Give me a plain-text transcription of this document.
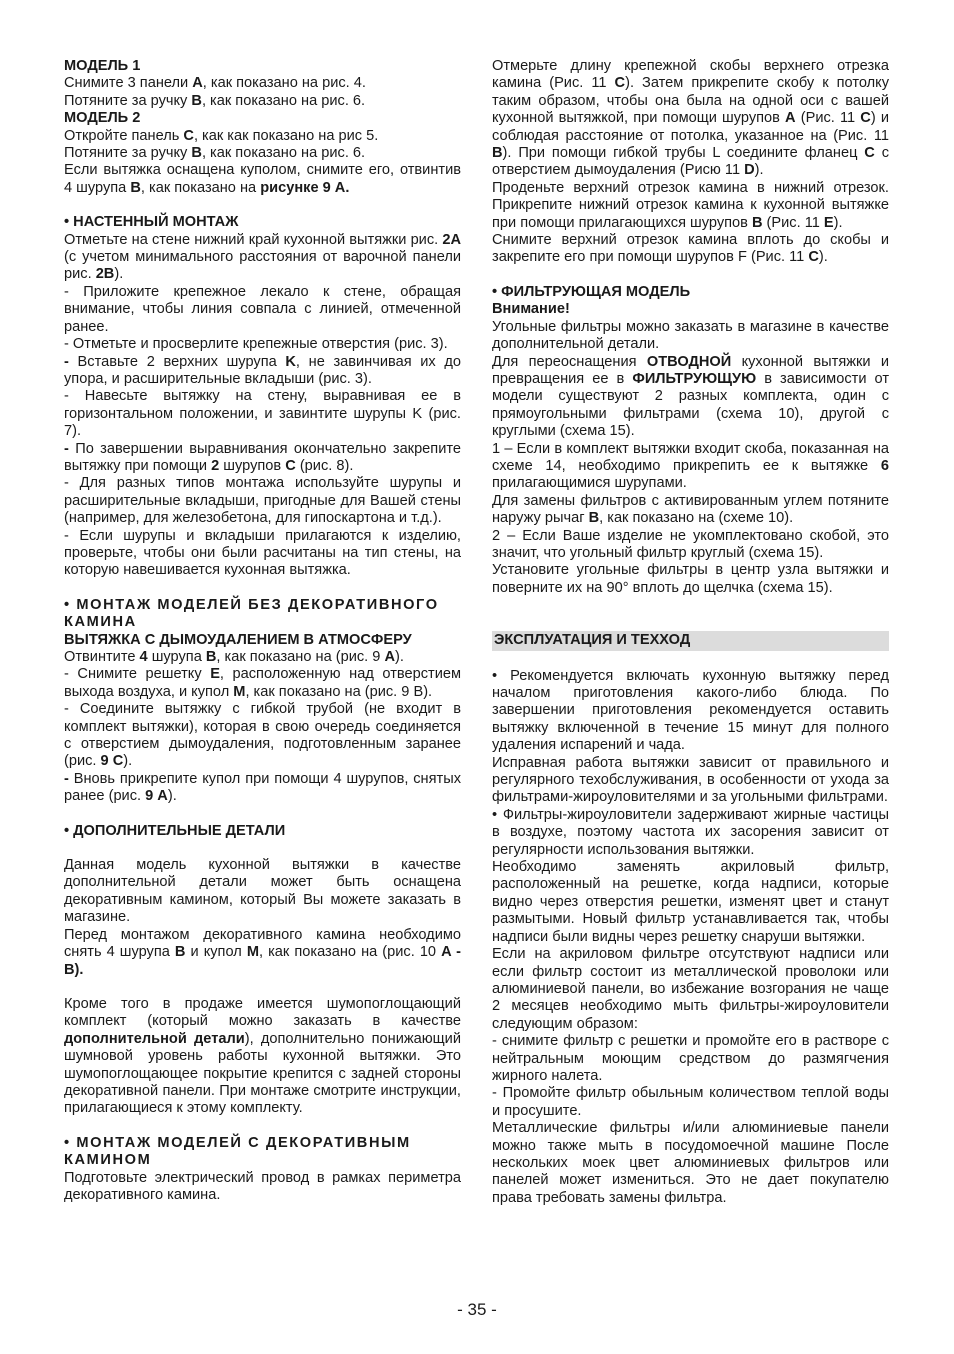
МОДЕЛЬ 1

Снимите 3 панели A, как показано на рис. 4.

Потяните за ручку B, как показано на рис. 6.

МОДЕЛЬ 2

Откройте панель C, как как показано на рис 5.

Потяните за ручку B, как показано на рис. 6.

Если вытяжка оснащена куполом, снимите его, отвинтив 4 шурупа B, как показано на рисунке 9 A.

• НАСТЕННЫЙ МОНТАЖ

Отметьте на стене нижний край кухонной вытяжки рис. 2A (с учетом минимального расстояния от варочной панели рис. 2B).

- Приложите крепежное лекало к стене, обращая внимание, чтобы линия совпала с линией, отмеченной ранее.

- Отметьте и просверлите крепежные отверстия (рис. 3).

- Вставьте 2 верхних шурупа K, не завинчивая их до упора, и расширительные вкладыши (рис. 3).

- Навесьте вытяжку на стену, выравнивая ее в горизонтальном положении, и завинтите шурупы K (рис. 7).

- По завершении выравнивания окончательно закрепите вытяжку при помощи 2 шурупов C (рис. 8).

- Для разных типов монтажа используйте шурупы и расширительные вкладыши, пригодные для Вашей стены (например, для железобетона, для гипоскартона и т.д.).

- Если шурупы и вкладыши прилагаются к изделию, проверьте, чтобы они были расчитаны на тип стены, на которую навешивается кухонная вытяжка.

• МОНТАЖ МОДЕЛЕЙ БЕЗ ДЕКОРАТИВНОГО КАМИНА

ВЫТЯЖКА С ДЫМОУДАЛЕНИЕМ В АТМОСФЕРУ

Отвинтите 4 шурупа B, как показано на (рис. 9 A).

- Снимите решетку E, расположенную над отверстием выхода воздуха, и купол M, как показано на (рис. 9 B).

- Соедините вытяжку с гибкой трубой (не входит в комплект вытяжки), которая в свою очередь соединяется с отверстием дымоудаления, подготовленным заранее (рис. 9 C).

- Вновь прикрепите купол при помощи 4 шурупов, снятых ранее (рис. 9 A).

• ДОПОЛНИТЕЛЬНЫЕ ДЕТАЛИ

Данная модель кухонной вытяжки в качестве дополнительной детали может быть оснащена декоративным камином, который Вы можете заказать в магазине.

Перед монтажом декоративного камина необходимо снять 4 шурупа B и купол M, как показано на (рис. 10 A - B).

Кроме того в продаже имеется шумопоглощающий комплект (который можно заказать в качестве дополнительной детали), дополнительно понижающий шумновой уровень работы кухонной вытяжки. Это шумопоглощающее покрытие крепится с задней стороны декоративной панели. При монтаже смотрите инструкции, прилагающиеся к этому комплекту.

• МОНТАЖ МОДЕЛЕЙ С ДЕКОРАТИВНЫМ КАМИНОМ

Подготовьте электрический провод в рамках периметра декоративного камина.

Отмерьте длину крепежной скобы верхнего отрезка камина (Рис. 11 C). Затем прикрепите скобу к потолку таким образом, чтобы она была на одной оси с вашей кухонной вытяжкой, при помощи шурупов A (Рис. 11 C) и соблюдая расстояние от потолка, указанное на (Рис. 11 B). При помощи гибкой трубы L соедините фланец C с отверстием дымоудаления (Рисю 11 D).

Проденьте верхний отрезок камина в нижний отрезок. Прикрепите нижний отрезок камина к кухонной вытяжке при помощи прилагающихся шурупов B (Рис. 11 E).

Снимите верхний отрезок камина вплоть до скобы и закрепите его при помощи шурупов F (Рис. 11 C).

• ФИЛЬТРУЮЩАЯ МОДЕЛЬ

Внимание!

Угольные фильтры можно заказать в магазине в качестве дополнительной детали.

Для переоснащения ОТВОДНОЙ кухонной вытяжки и превращения ее в ФИЛЬТРУЮЩУЮ в зависимости от модели существуют 2 разных комплекта, один с прямоугольными фильтрами (схема 10), другой с круглыми (схема 15).

1 – Если в комплект вытяжки входит скоба, показанная на схеме 14, необходимо прикрепить ее к вытяжке 6 прилагающимися шурупами.

Для замены фильтров с активированным углем потяните наружу рычаг B, как показано на (схеме 10).

2 – Если Ваше изделие не укомплектовано скобой, это значит, что угольный фильтр круглый (схема 15).

Установите угольные фильтры в центр узла вытяжки и поверните их на 90° вплоть до щелчка (схема 15).

ЭКСПЛУАТАЦИЯ И ТЕХХОД

• Рекомендуется включать кухонную вытяжку перед началом приготовления какого-либо блюда. По завершении приготовления рекомендуется оставить вытяжку включенной в течение 15 минут для полного удаления испарений и чада.

Исправная работа вытяжки зависит от правильного и регулярного техобслуживания, в особенности от ухода за фильтрами-жироуловителями и за угольными фильтрами.

• Фильтры-жироуловители задерживают жирные частицы в воздухе, поэтому частота их засорения зависит от регулярности использования вытяжки.

Необходимо заменять акриловый фильтр, расположенный на решетке, когда надписи, которые видно через отверстия решетки, изменят цвет и станут размытыми. Новый фильтр устанавливается так, чтобы надписи были видны через решетку снаруши вытяжки.

Если на акриловом фильтре отсутствуют надписи или если фильтр состоит из металлической проволоки или алюминиевой панели, во избежание возгорания не чаще 2 месяцев необходимо мыть фильтры-жироуловители следующим образом:

- снимите фильтр с решетки и промойте его в растворе с нейтральным моющим средством до размягчения жирного налета.

- Промойте фильтр обыльным количеством теплой воды и просушите.

Металлические фильтры и/или алюминиевые панели можно также мыть в посудомоечной машине После нескольких моек цвет алюминиевых фильтров или панелей может измениться. Это не дает покупателю права требовать замены фильтра.

- 35 -
